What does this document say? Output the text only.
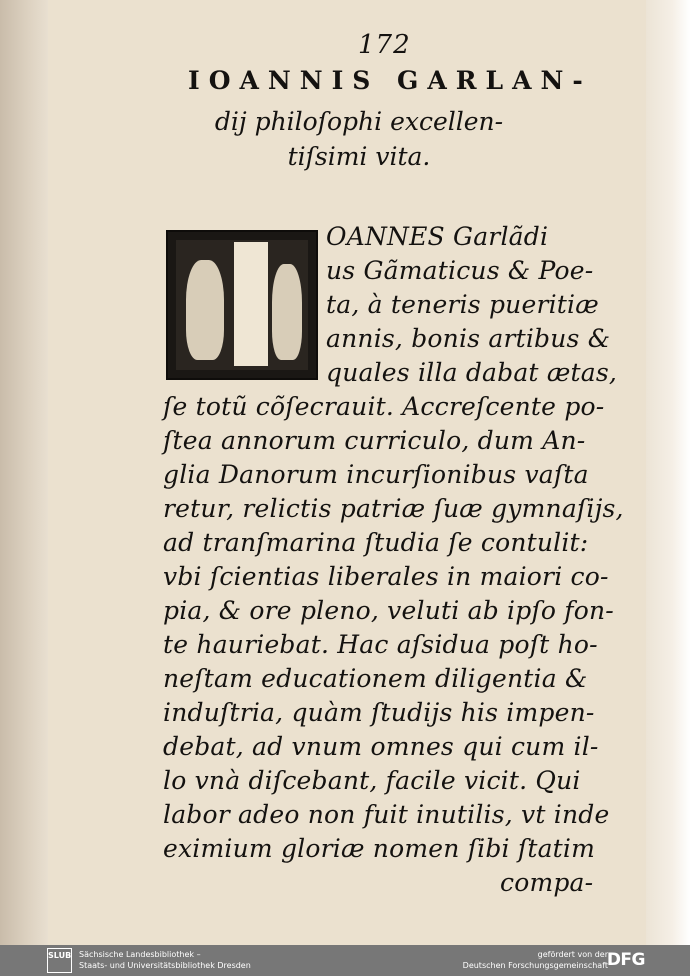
172
IOANNIS GARLAN-
dij philoſophi excellen-
tiſsimi vita.
OANNES Garlãdi
us Gãmaticus & Poe-
ta, à teneris pueritiæ
annis, bonis artibus &
quales illa dabat ætas,
ſe totũ cõſecrauit. Accreſcente po-
ſtea annorum curriculo, dum An-
glia Danorum incurſionibus vaſta
retur, relictis patriæ ſuæ gymnaſijs,
ad tranſmarina ſtudia ſe contulit:
vbi ſcientias liberales in maiori co-
pia, & ore pleno, veluti ab ipſo fon-
te hauriebat. Hac aſsidua poſt ho-
neſtam educationem diligentia &
induſtria, quàm ſtudijs his impen-
debat, ad vnum omnes qui cum il-
lo vnà diſcebant, facile vicit. Qui
labor adeo non fuit inutilis, vt inde
eximium gloriæ nomen ſibi ſtatim
compa-
SLUB Sächsische Landesbibliothek –
Staats- und Universitätsbibliothek Dresden
gefördert von der
Deutschen Forschungsgemeinschaft
DFG
